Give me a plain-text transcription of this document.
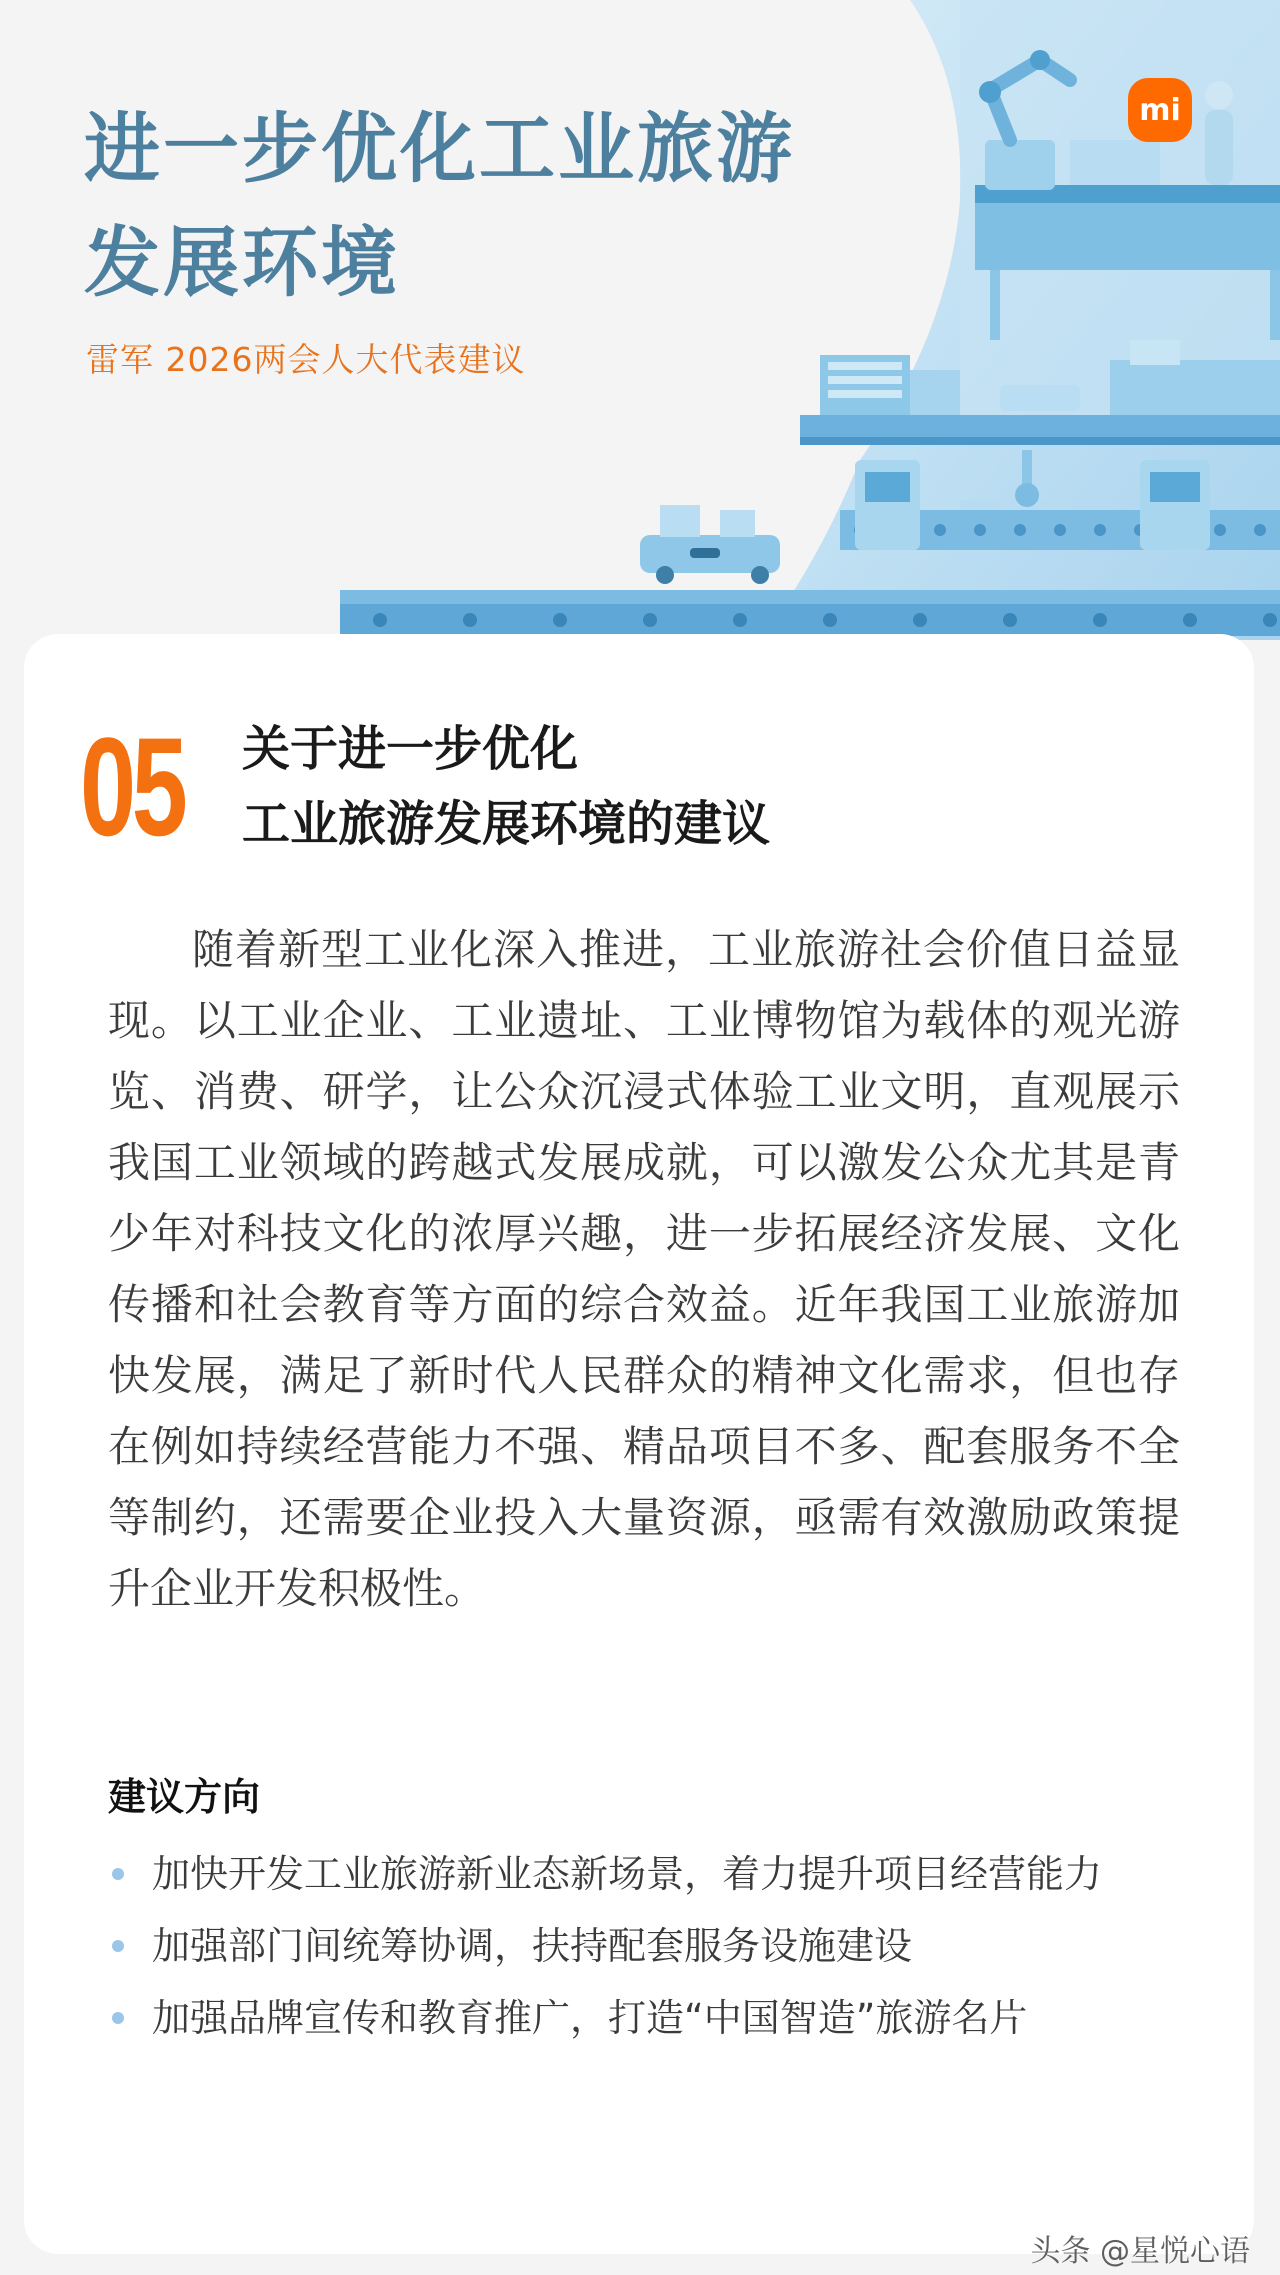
进一步优化工业旅游
发展环境
雷军 2026两会人大代表建议
mi
05 关于进一步优化
工业旅游发展环境的建议

随着新型工业化深入推进，工业旅游社会价值日益显现。以工业企业、工业遗址、工业博物馆为载体的观光游览、消费、研学，让公众沉浸式体验工业文明，直观展示我国工业领域的跨越式发展成就，可以激发公众尤其是青少年对科技文化的浓厚兴趣，进一步拓展经济发展、文化传播和社会教育等方面的综合效益。近年我国工业旅游加快发展，满足了新时代人民群众的精神文化需求，但也存在例如持续经营能力不强、精品项目不多、配套服务不全等制约，还需要企业投入大量资源，亟需有效激励政策提升企业开发积极性。

建议方向
加快开发工业旅游新业态新场景，着力提升项目经营能力
加强部门间统筹协调，扶持配套服务设施建设
加强品牌宣传和教育推广，打造“中国智造”旅游名片
头条 @星悦心语
